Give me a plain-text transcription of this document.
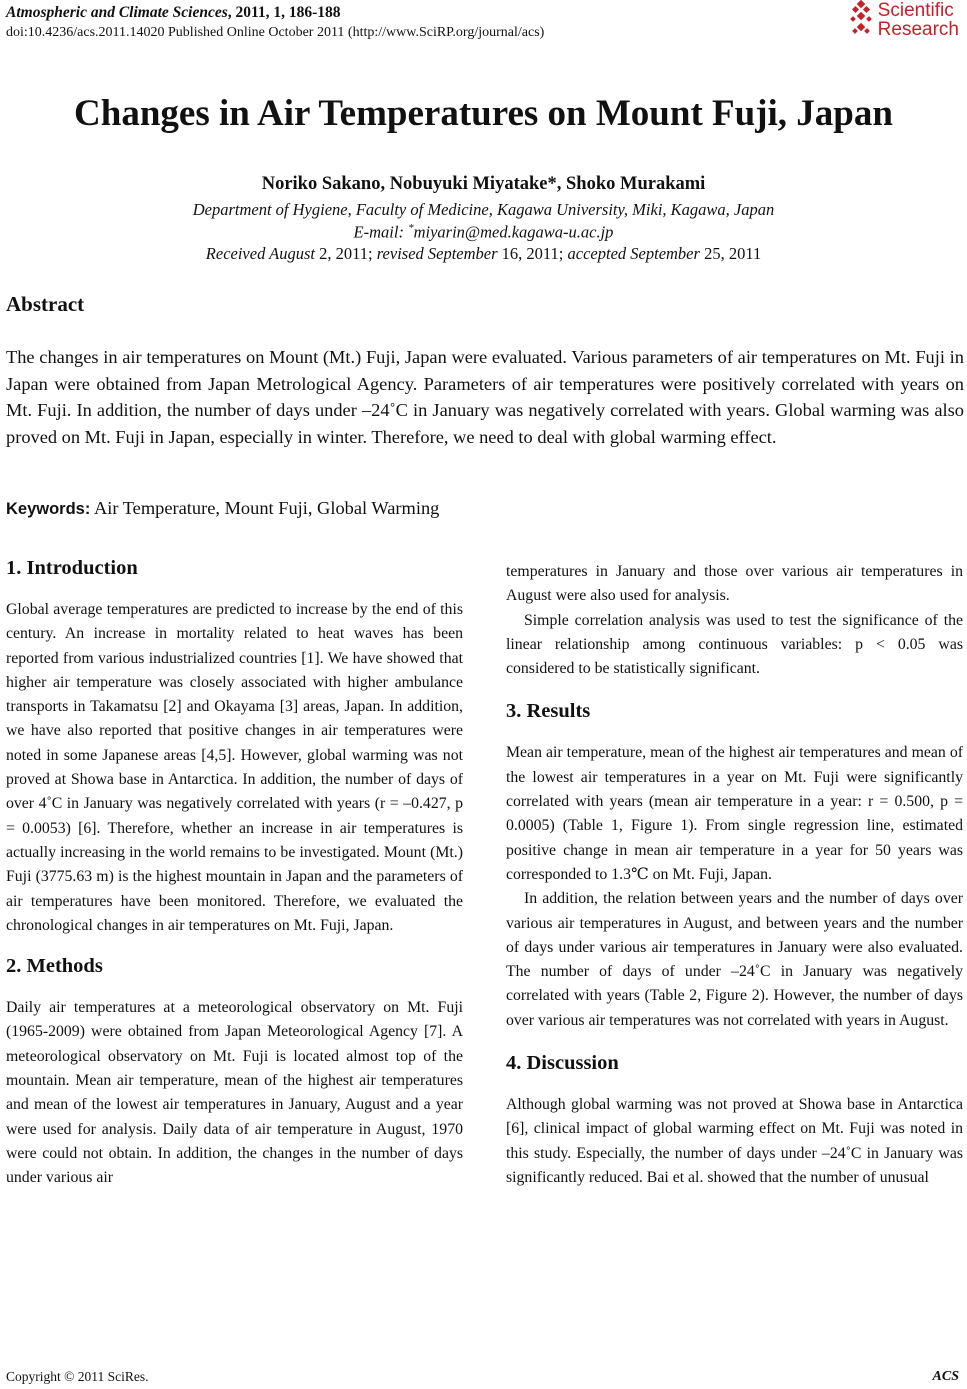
Atmospheric and Climate Sciences, 2011, 1, 186-188
doi:10.4236/acs.2011.14020 Published Online October 2011 (http://www.SciRP.org/journal/acs)
Scientific
Research
Changes in Air Temperatures on Mount Fuji, Japan
Noriko Sakano, Nobuyuki Miyatake*, Shoko Murakami
Department of Hygiene, Faculty of Medicine, Kagawa University, Miki, Kagawa, Japan
E-mail: *miyarin@med.kagawa-u.ac.jp
Received August 2, 2011; revised September 16, 2011; accepted September 25, 2011
Abstract
The changes in air temperatures on Mount (Mt.) Fuji, Japan were evaluated. Various parameters of air temperatures on Mt. Fuji in Japan were obtained from Japan Metrological Agency. Parameters of air temperatures were positively correlated with years on Mt. Fuji. In addition, the number of days under –24˚C in January was negatively correlated with years. Global warming was also proved on Mt. Fuji in Japan, especially in winter. Therefore, we need to deal with global warming effect.
Keywords: Air Temperature, Mount Fuji, Global Warming
1. Introduction

Global average temperatures are predicted to increase by the end of this century. An increase in mortality related to heat waves has been reported from various industrialized countries [1]. We have showed that higher air temperature was closely associated with higher ambulance transports in Takamatsu [2] and Okayama [3] areas, Japan. In addition, we have also reported that positive changes in air temperatures were noted in some Japanese areas [4,5]. However, global warming was not proved at Showa base in Antarctica. In addition, the number of days of over 4˚C in January was negatively correlated with years (r = –0.427, p = 0.0053) [6]. Therefore, whether an increase in air temperatures is actually increasing in the world remains to be investigated. Mount (Mt.) Fuji (3775.63 m) is the highest mountain in Japan and the parameters of air temperatures have been monitored. Therefore, we evaluated the chronological changes in air temperatures on Mt. Fuji, Japan.

2. Methods

Daily air temperatures at a meteorological observatory on Mt. Fuji (1965-2009) were obtained from Japan Meteorological Agency [7]. A meteorological observatory on Mt. Fuji is located almost top of the mountain. Mean air temperature, mean of the highest air temperatures and mean of the lowest air temperatures in January, August and a year were used for analysis. Daily data of air temperature in August, 1970 were could not obtain. In addition, the changes in the number of days under various air

temperatures in January and those over various air temperatures in August were also used for analysis.

Simple correlation analysis was used to test the significance of the linear relationship among continuous variables: p < 0.05 was considered to be statistically significant.

3. Results

Mean air temperature, mean of the highest air temperatures and mean of the lowest air temperatures in a year on Mt. Fuji were significantly correlated with years (mean air temperature in a year: r = 0.500, p = 0.0005) (Table 1, Figure 1). From single regression line, estimated positive change in mean air temperature in a year for 50 years was corresponded to 1.3℃ on Mt. Fuji, Japan.

In addition, the relation between years and the number of days over various air temperatures in August, and between years and the number of days under various air temperatures in January were also evaluated. The number of days of under –24˚C in January was negatively correlated with years (Table 2, Figure 2). However, the number of days over various air temperatures was not correlated with years in August.

4. Discussion

Although global warming was not proved at Showa base in Antarctica [6], clinical impact of global warming effect on Mt. Fuji was noted in this study. Especially, the number of days under –24˚C in January was significantly reduced. Bai et al. showed that the number of unusual

Copyright © 2011 SciRes.	ACS
